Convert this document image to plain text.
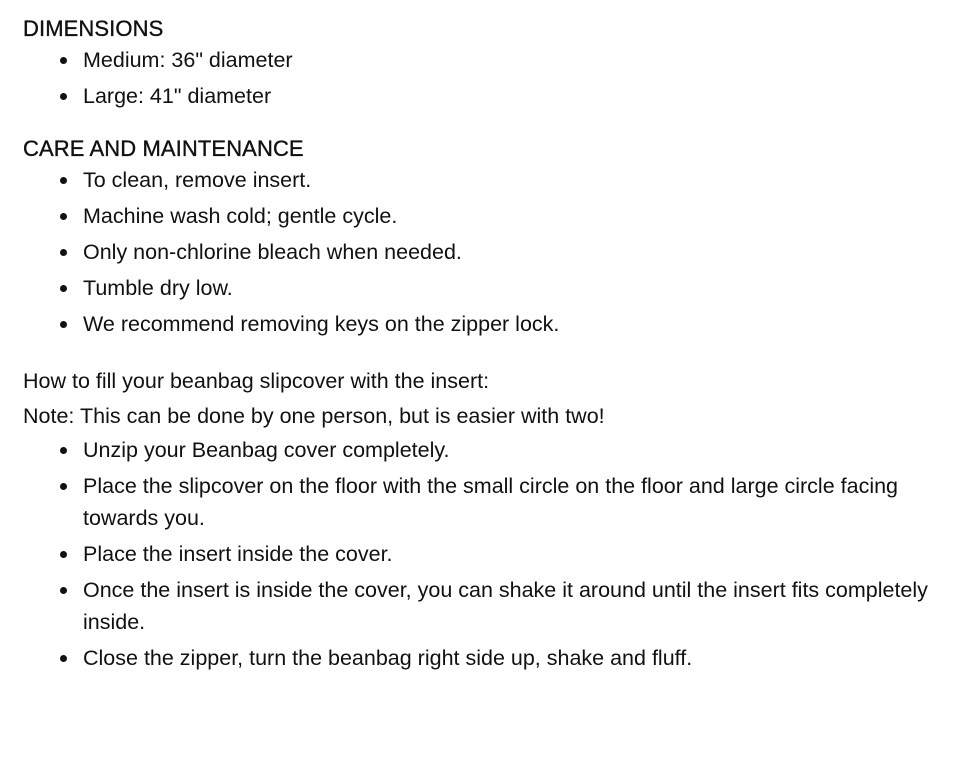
DIMENSIONS
Medium: 36" diameter
Large: 41" diameter
CARE AND MAINTENANCE
To clean, remove insert.
Machine wash cold; gentle cycle.
Only non-chlorine bleach when needed.
Tumble dry low.
We recommend removing keys on the zipper lock.

How to fill your beanbag slipcover with the insert:

Note: This can be done by one person, but is easier with two!

Unzip your Beanbag cover completely.
Place the slipcover on the floor with the small circle on the floor and large circle facing towards you.
Place the insert inside the cover.
Once the insert is inside the cover, you can shake it around until the insert fits completely inside.
Close the zipper, turn the beanbag right side up, shake and fluff.
